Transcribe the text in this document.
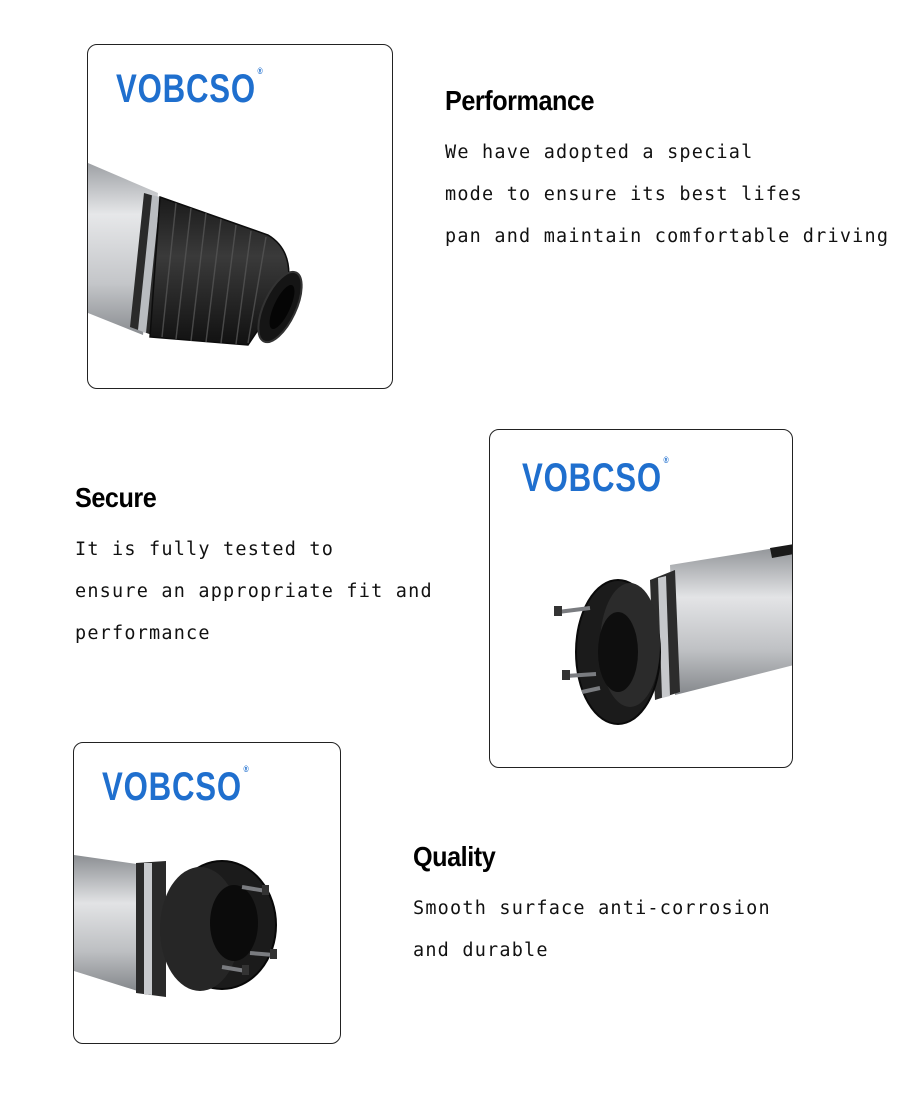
VOBCSO ®
Performance

We have adopted a special
mode to ensure its best lifes
pan and maintain comfortable driving

Secure

It is fully tested to
ensure an appropriate fit and
performance

VOBCSO ®
VOBCSO ®
Quality

Smooth surface anti-corrosion
and durable
